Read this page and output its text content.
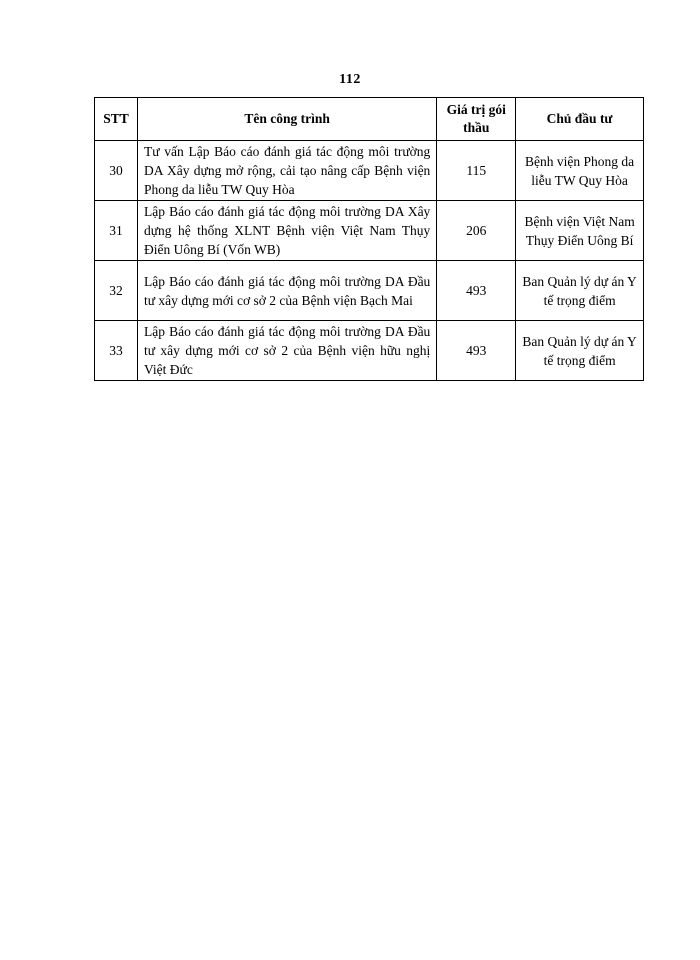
112
STT	Tên công trình	Giá trị gói thầu	Chủ đầu tư
30	Tư vấn Lập Báo cáo đánh giá tác động môi trường DA Xây dựng mở rộng, cải tạo nâng cấp Bệnh viện Phong da liễu TW Quy Hòa	115	Bệnh viện Phong da liễu TW Quy Hòa
31	Lập Báo cáo đánh giá tác động môi trường DA Xây dựng hệ thống XLNT Bệnh viện Việt Nam Thụy Điển Uông Bí (Vốn WB)	206	Bệnh viện Việt Nam Thụy Điển Uông Bí
32	Lập Báo cáo đánh giá tác động môi trường DA Đầu tư xây dựng mới cơ sở 2 của Bệnh viện Bạch Mai	493	Ban Quản lý dự án Y tế trọng điểm
33	Lập Báo cáo đánh giá tác động môi trường DA Đầu tư xây dựng mới cơ sở 2 của Bệnh viện hữu nghị Việt Đức	493	Ban Quản lý dự án Y tế trọng điểm
